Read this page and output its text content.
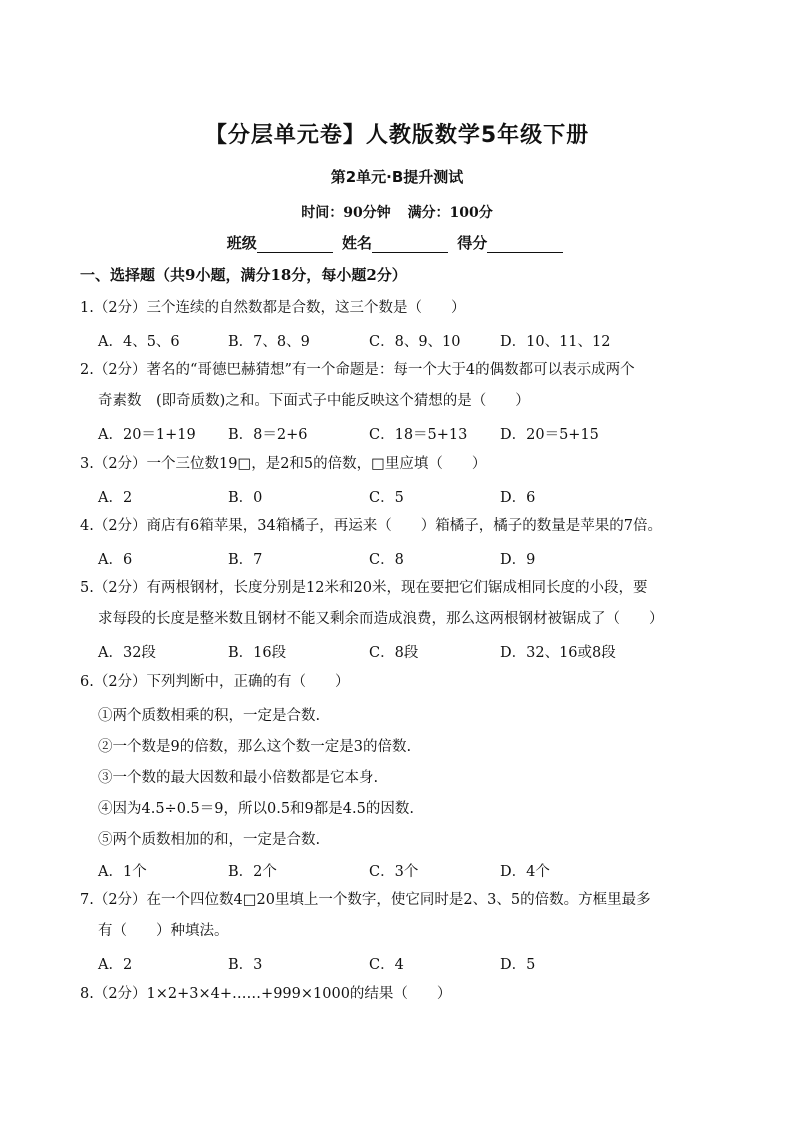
【分层单元卷】人教版数学5年级下册
第2单元·B提升测试
时间：90分钟 满分：100分
班级	姓名	得分
一、选择题（共9小题，满分18分，每小题2分）
1.（2分）三个连续的自然数都是合数，这三个数是（　　）
A．4、5、6	B．7、8、9	C．8、9、10	D．10、11、12
2.（2分）著名的“哥德巴赫猜想”有一个命题是：每一个大于4的偶数都可以表示成两个
奇素数　(即奇质数)之和。下面式子中能反映这个猜想的是（　　）
A．20＝1+19 B．8＝2+6	C．18＝5+13 D．20＝5+15
3.（2分）一个三位数19□，是2和5的倍数，□里应填（　　）
A．2	B．0	C．5	D．6
4.（2分）商店有6箱苹果，34箱橘子，再运来（　　）箱橘子，橘子的数量是苹果的7倍。
A．6	B．7	C．8	D．9
5.（2分）有两根钢材，长度分别是12米和20米，现在要把它们锯成相同长度的小段，要
求每段的长度是整米数且钢材不能又剩余而造成浪费，那么这两根钢材被锯成了（　　）
A．32段	B．16段	C．8段	D．32、16或8段
6.（2分）下列判断中，正确的有（　　）
①两个质数相乘的积，一定是合数.
②一个数是9的倍数，那么这个数一定是3的倍数.
③一个数的最大因数和最小倍数都是它本身.
④因为4.5÷0.5＝9，所以0.5和9都是4.5的因数.
⑤两个质数相加的和，一定是合数.
A．1个	B．2个	C．3个	D．4个
7.（2分）在一个四位数4□20里填上一个数字，使它同时是2、3、5的倍数。方框里最多
有（　　）种填法。
A．2	B．3	C．4	D．5
8.（2分）1×2+3×4+……+999×1000的结果（　　）
